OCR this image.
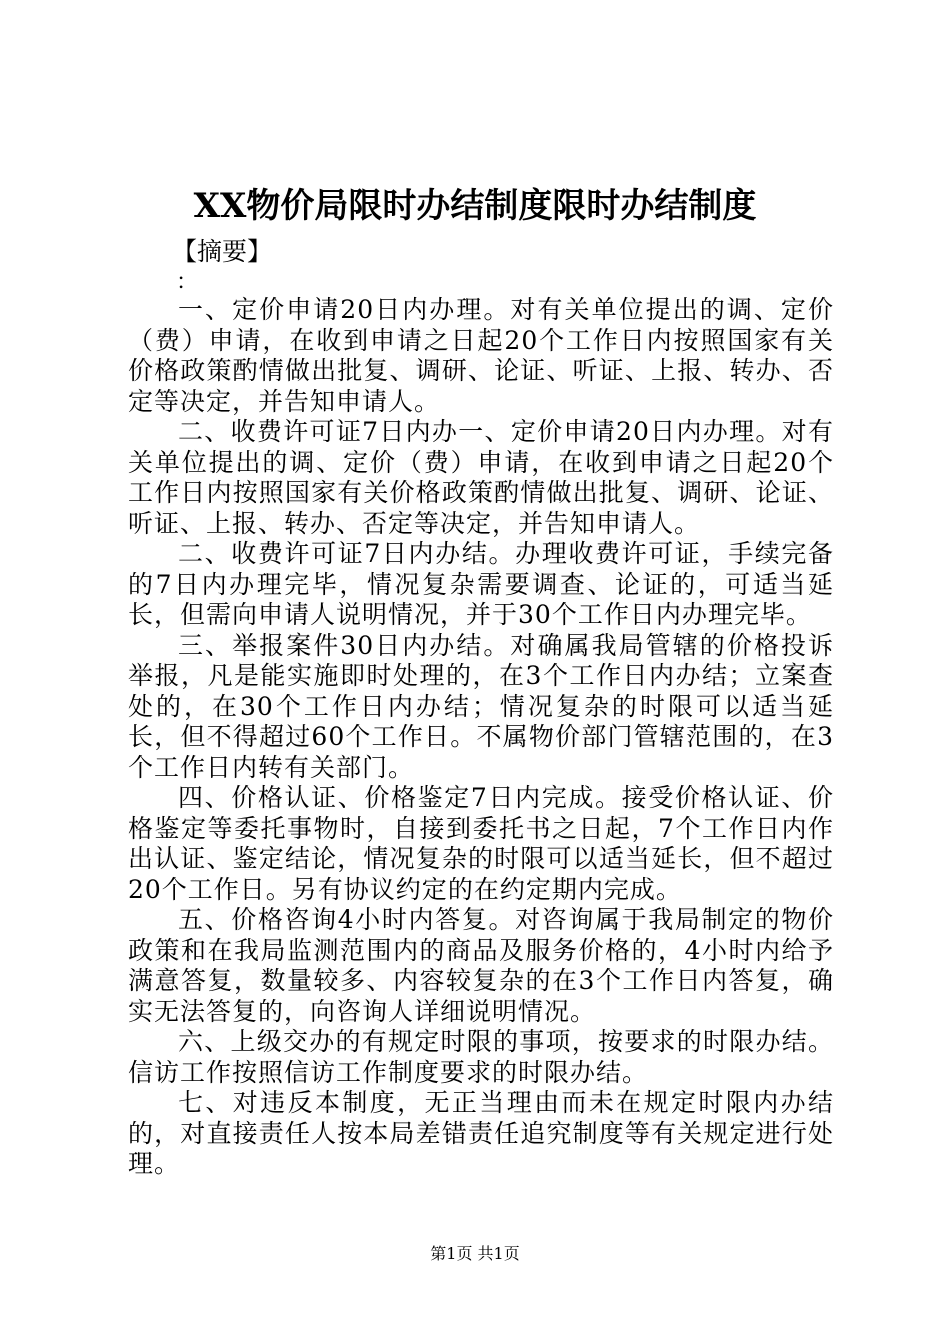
XX物价局限时办结制度限时办结制度
【摘要】
：

一、定价申请20日内办理。对有关单位提出的调、定价（费）申请，在收到申请之日起20个工作日内按照国家有关价格政策酌情做出批复、调研、论证、听证、上报、转办、否定等决定，并告知申请人。

二、收费许可证7日内办一、定价申请20日内办理。对有关单位提出的调、定价（费）申请，在收到申请之日起20个工作日内按照国家有关价格政策酌情做出批复、调研、论证、听证、上报、转办、否定等决定，并告知申请人。

二、收费许可证7日内办结。办理收费许可证，手续完备的7日内办理完毕，情况复杂需要调查、论证的，可适当延长，但需向申请人说明情况，并于30个工作日内办理完毕。

三、举报案件30日内办结。对确属我局管辖的价格投诉举报，凡是能实施即时处理的，在3个工作日内办结；立案查处的，在30个工作日内办结；情况复杂的时限可以适当延长，但不得超过60个工作日。不属物价部门管辖范围的，在3个工作日内转有关部门。

四、价格认证、价格鉴定7日内完成。接受价格认证、价格鉴定等委托事物时，自接到委托书之日起，7个工作日内作出认证、鉴定结论，情况复杂的时限可以适当延长，但不超过20个工作日。另有协议约定的在约定期内完成。

五、价格咨询4小时内答复。对咨询属于我局制定的物价政策和在我局监测范围内的商品及服务价格的，4小时内给予满意答复，数量较多、内容较复杂的在3个工作日内答复，确实无法答复的，向咨询人详细说明情况。

六、上级交办的有规定时限的事项，按要求的时限办结。信访工作按照信访工作制度要求的时限办结。

七、对违反本制度，无正当理由而未在规定时限内办结的，对直接责任人按本局差错责任追究制度等有关规定进行处理。

第1页 共1页
